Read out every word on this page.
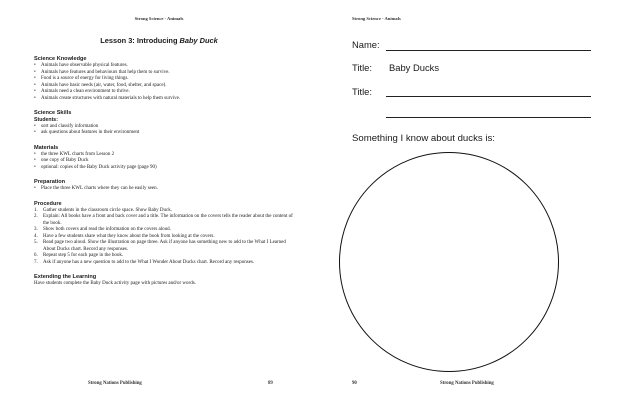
Strong Science - Animals
Lesson 3: Introducing Baby Duck
Science Knowledge
• Animals have observable physical features.
• Animals have features and behaviours that help them to survive.
• Food is a source of energy for living things.
• Animals have basic needs (air, water, food, shelter, and space).
• Animals need a clean environment to thrive.
• Animals create structures with natural materials to help them survive.
Science Skills
Students:
• sort and classify information
• ask questions about features in their environment
Materials
• the three KWL charts from Lesson 2
• one copy of Baby Duck
• optional: copies of the Baby Duck activity page (page 90)
Preparation
• Place the three KWL charts where they can be easily seen.
Procedure
1. Gather students in the classroom circle space. Show Baby Duck.
2. Explain: All books have a front and back cover and a title. The information on the covers tells the reader about the content of the book.
3. Show both covers and read the information on the covers aloud.
4. Have a few students share what they know about the book from looking at the covers.
5. Read page two aloud. Show the illustration on page three. Ask if anyone has something new to add to the What I Learned About Ducks chart. Record any responses.
6. Repeat step 5 for each page in the book.
7. Ask if anyone has a new question to add to the What I Wonder About Ducks chart. Record any responses.
Extending the Learning
Have students complete the Baby Duck activity page with pictures and/or words.
Strong Nations Publishing	89
Strong Science - Animals
Name:
Title: Baby Ducks
Title:
Something I know about ducks is:
90	Strong Nations Publishing
